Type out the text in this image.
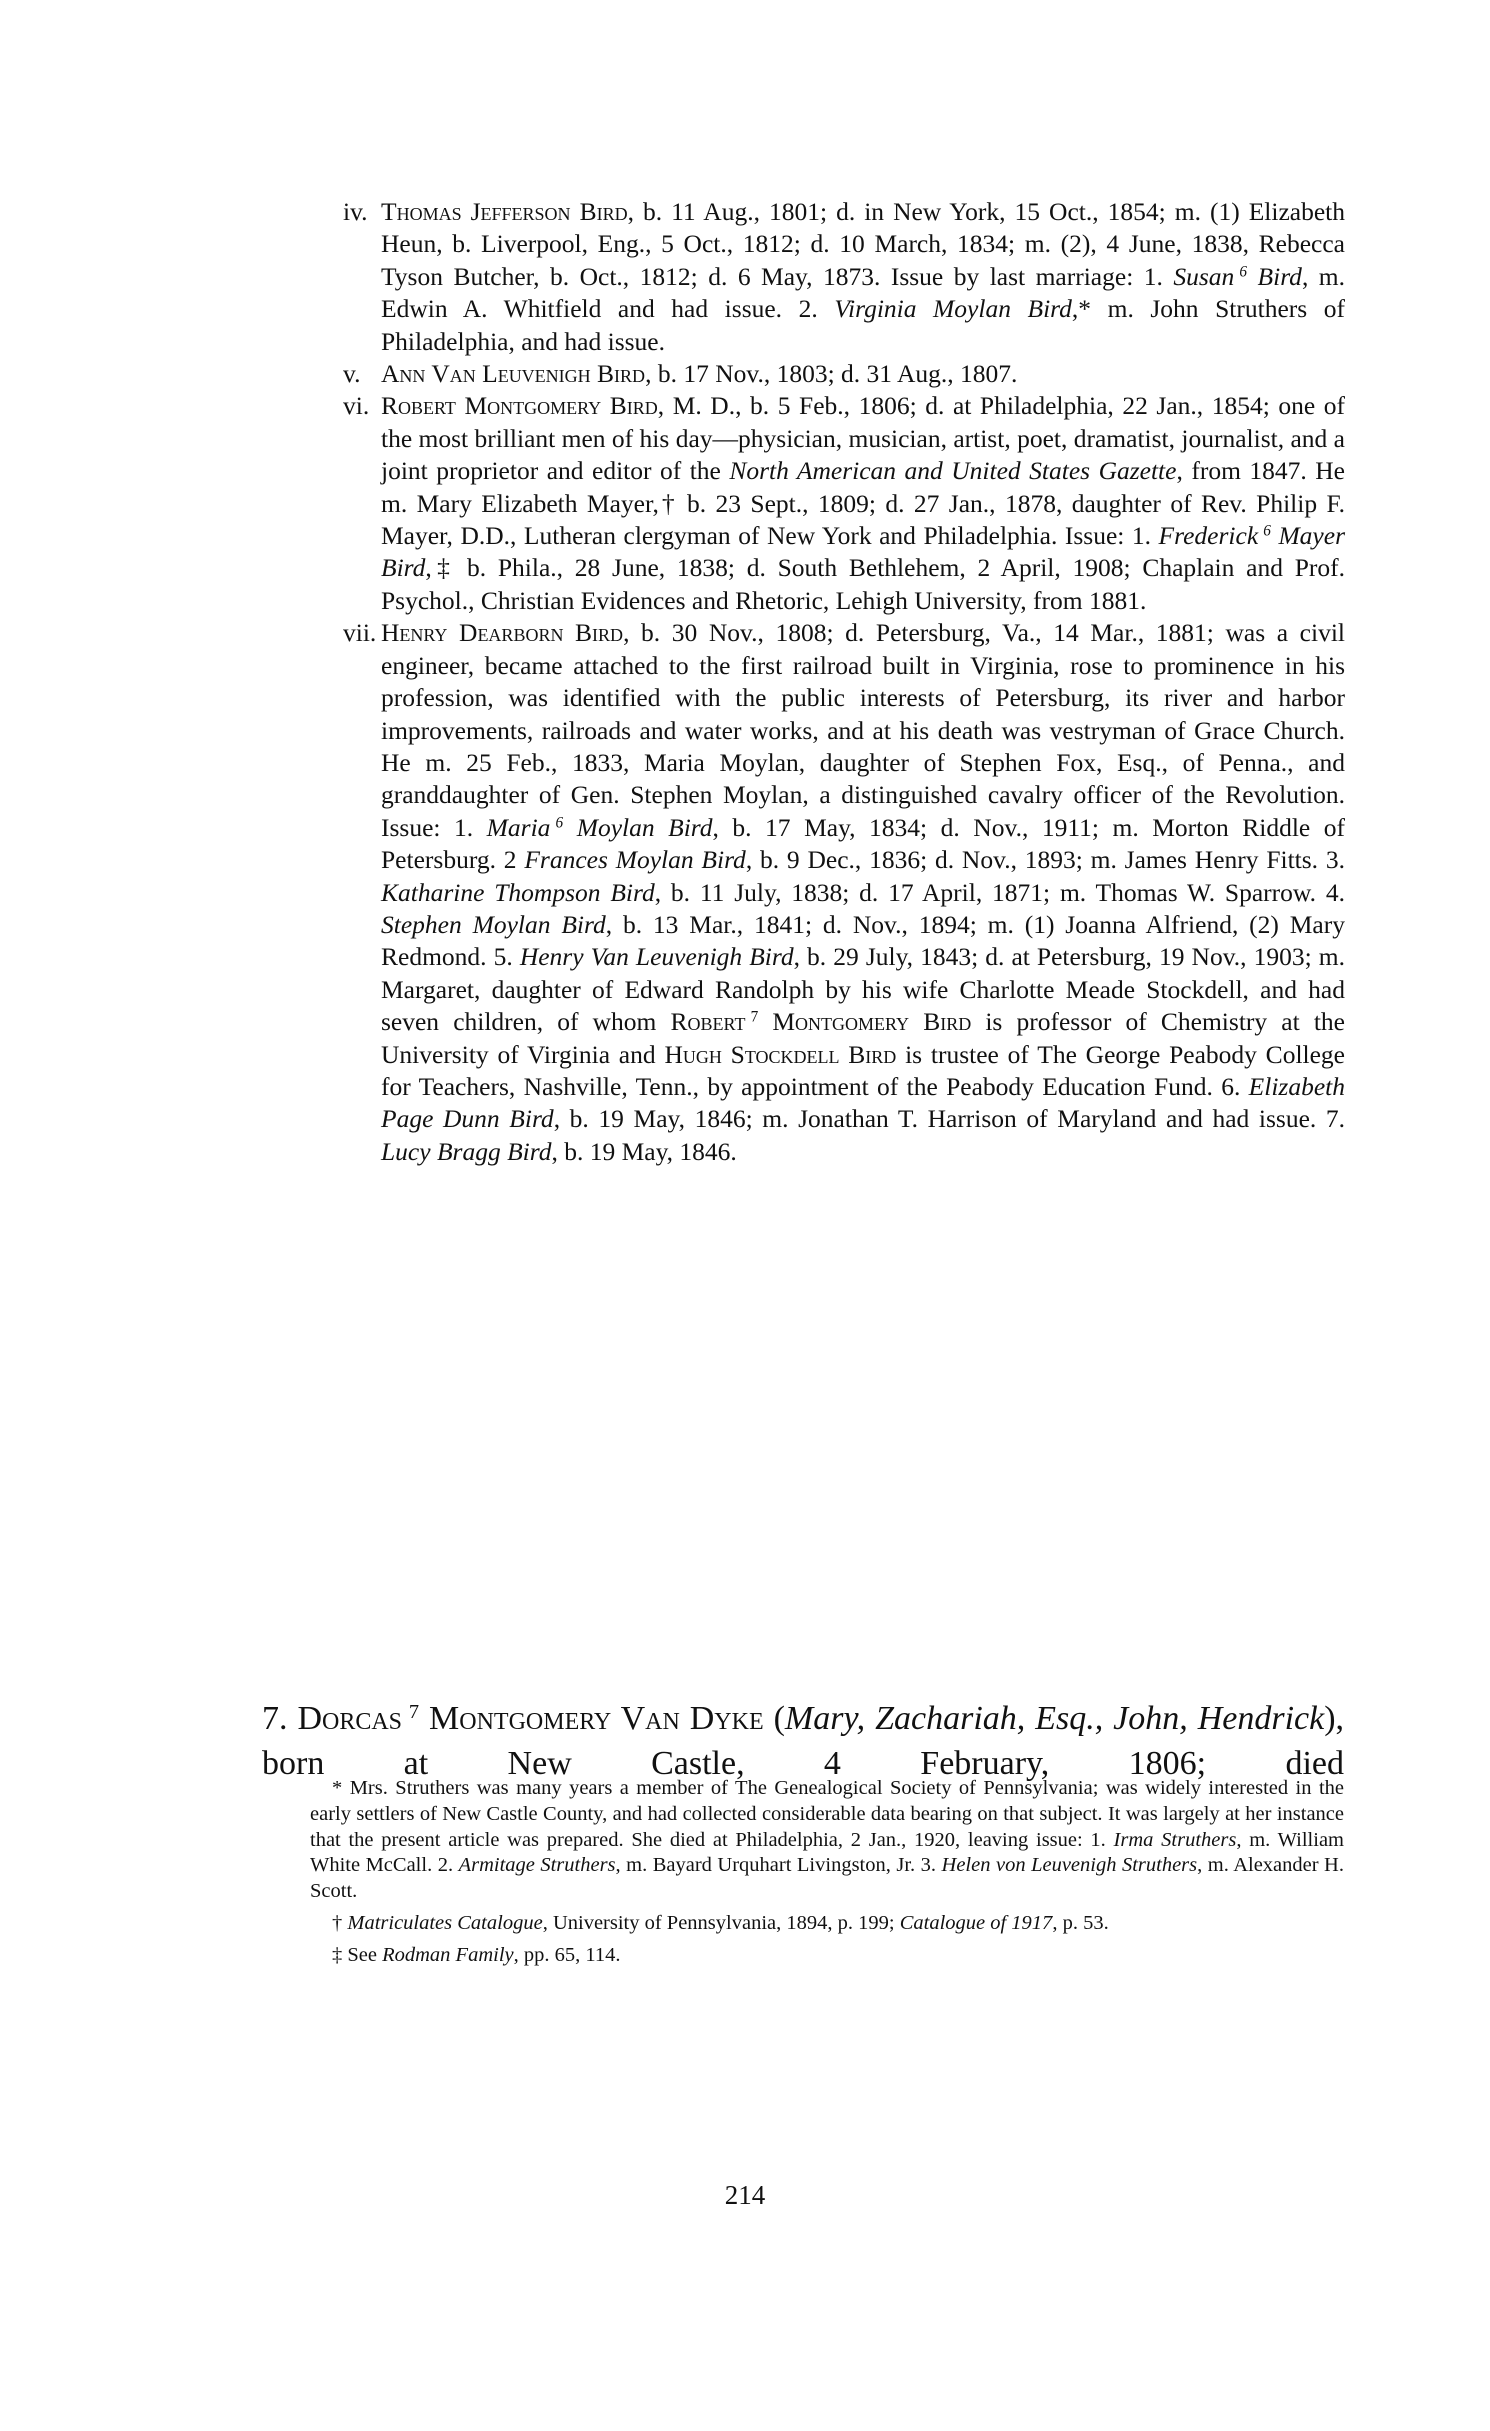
iv. Thomas Jefferson Bird, b. 11 Aug., 1801; d. in New York, 15 Oct., 1854; m. (1) Elizabeth Heun, b. Liverpool, Eng., 5 Oct., 1812; d. 10 March, 1834; m. (2), 4 June, 1838, Rebecca Tyson Butcher, b. Oct., 1812; d. 6 May, 1873. Issue by last marriage: 1. Susan  $^6$ Bird, m. Edwin A. Whitfield and had issue. 2. Virginia Moylan Bird,* m. John Struthers of Philadelphia, and had issue.

v. Ann Van Leuvenigh Bird, b. 17 Nov., 1803; d. 31 Aug., 1807.

vi. Robert Montgomery Bird, M. D., b. 5 Feb., 1806; d. at Philadelphia, 22 Jan., 1854; one of the most brilliant men of his day—physician, musician, artist, poet, dramatist, journalist, and a joint proprietor and editor of the North American and United States Gazette, from 1847. He m. Mary Elizabeth Mayer,† b. 23 Sept., 1809; d. 27 Jan., 1878, daughter of Rev. Philip F. Mayer, D.D., Lutheran clergyman of New York and Philadelphia. Issue: 1. Frederick  $^6$ Mayer Bird,‡ b. Phila., 28 June, 1838; d. South Bethlehem, 2 April, 1908; Chaplain and Prof. Psychol., Christian Evidences and Rhetoric, Lehigh University, from 1881.

vii. Henry Dearborn Bird, b. 30 Nov., 1808; d. Petersburg, Va., 14 Mar., 1881; was a civil engineer, became attached to the first railroad built in Virginia, rose to prominence in his profession, was identified with the public interests of Petersburg, its river and harbor improvements, railroads and water works, and at his death was vestryman of Grace Church. He m. 25 Feb., 1833, Maria Moylan, daughter of Stephen Fox, Esq., of Penna., and granddaughter of Gen. Stephen Moylan, a distinguished cavalry officer of the Revolution. Issue: 1. Maria  $^6$ Moylan Bird, b. 17 May, 1834; d. Nov., 1911; m. Morton Riddle of Petersburg. 2 Frances Moylan Bird, b. 9 Dec., 1836; d. Nov., 1893; m. James Henry Fitts. 3. Katharine Thompson Bird, b. 11 July, 1838; d. 17 April, 1871; m. Thomas W. Sparrow. 4. Stephen Moylan Bird, b. 13 Mar., 1841; d. Nov., 1894; m. (1) Joanna Alfriend, (2) Mary Redmond. 5. Henry Van Leuvenigh Bird, b. 29 July, 1843; d. at Petersburg, 19 Nov., 1903; m. Margaret, daughter of Edward Randolph by his wife Charlotte Meade Stockdell, and had seven children, of whom Robert  $^7$ Montgomery Bird is professor of Chemistry at the University of Virginia and Hugh Stockdell Bird is trustee of The George Peabody College for Teachers, Nashville, Tenn., by appointment of the Peabody Education Fund. 6. Elizabeth Page Dunn Bird, b. 19 May, 1846; m. Jonathan T. Harrison of Maryland and had issue. 7. Lucy Bragg Bird, b. 19 May, 1846.

7. Dorcas  $^7$ Montgomery Van Dyke (Mary, Zachariah, Esq., John, Hendrick), born at New Castle, 4 February, 1806; died

* Mrs. Struthers was many years a member of The Genealogical Society of Pennsylvania; was widely interested in the early settlers of New Castle County, and had collected considerable data bearing on that subject. It was largely at her instance that the present article was prepared. She died at Philadelphia, 2 Jan., 1920, leaving issue: 1. Irma Struthers, m. William White McCall. 2. Armitage Struthers, m. Bayard Urquhart Livingston, Jr. 3. Helen von Leuvenigh Struthers, m. Alexander H. Scott.

† Matriculates Catalogue, University of Pennsylvania, 1894, p. 199; Catalogue of 1917, p. 53.

‡ See Rodman Family, pp. 65, 114.

214
